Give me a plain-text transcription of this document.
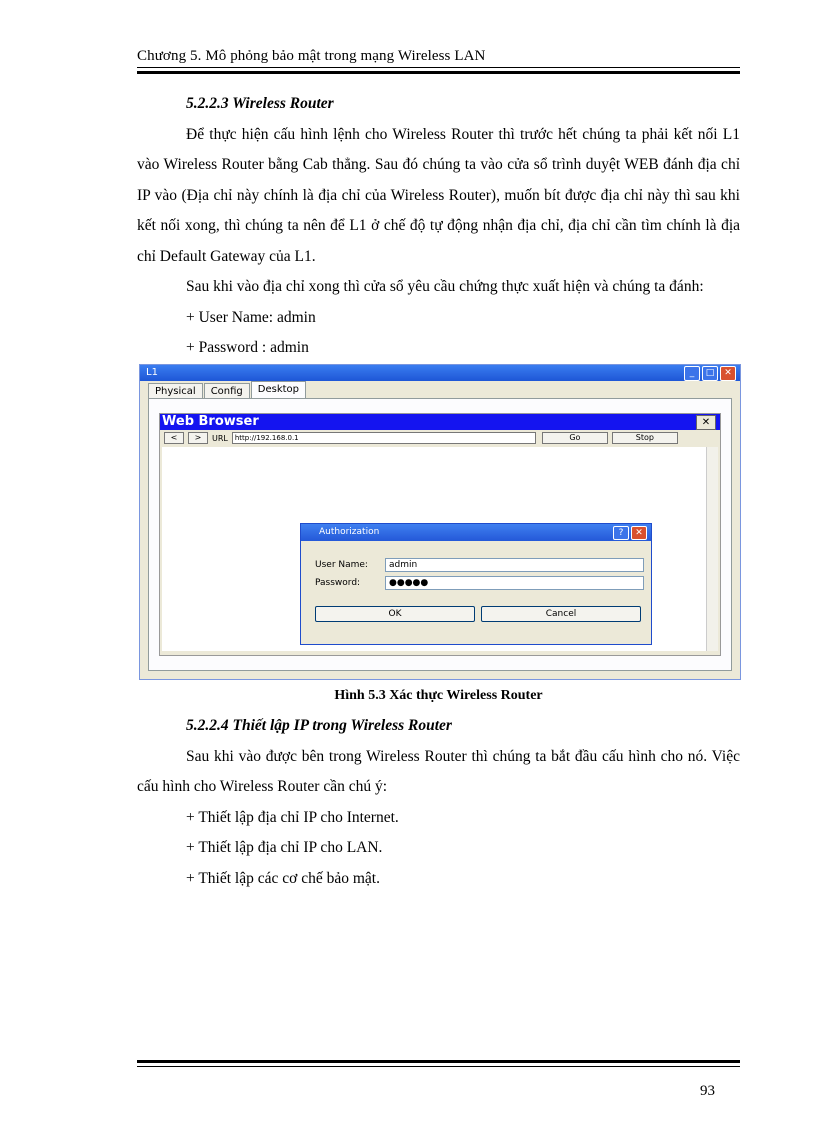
Chương 5. Mô phỏng bảo mật trong mạng Wireless LAN
5.2.2.3 Wireless Router

Để thực hiện cấu hình lệnh cho Wireless Router thì trước hết chúng ta phải kết nối L1 vào Wireless Router bằng Cab thẳng. Sau đó chúng ta vào cửa sổ trình duyệt WEB đánh địa chỉ IP vào (Địa chỉ này chính là địa chỉ của Wireless Router), muốn bít được địa chỉ này thì sau khi kết nối xong, thì chúng ta nên để L1 ở chế độ tự động nhận địa chỉ, địa chỉ cần tìm chính là địa chỉ Default Gateway của L1.

Sau khi vào địa chỉ xong thì cửa sổ yêu cầu chứng thực xuất hiện và chúng ta đánh:

+ User Name: admin
+ Password : admin
L1	_	□	✕
Physical	Config	Desktop
Web Browser	✕
<	>	URL	http://192.168.0.1	Go	Stop
Authorization	?	✕
User Name:	admin
Password:	●●●●●
OK	Cancel
Hình 5.3 Xác thực Wireless Router
5.2.2.4 Thiết lập IP trong Wireless Router

Sau khi vào được bên trong Wireless Router thì chúng ta bắt đầu cấu hình cho nó. Việc cấu hình cho Wireless Router cần chú ý:

+ Thiết lập địa chỉ IP cho Internet.
+ Thiết lập địa chỉ IP cho LAN.
+ Thiết lập các cơ chế bảo mật.
93
